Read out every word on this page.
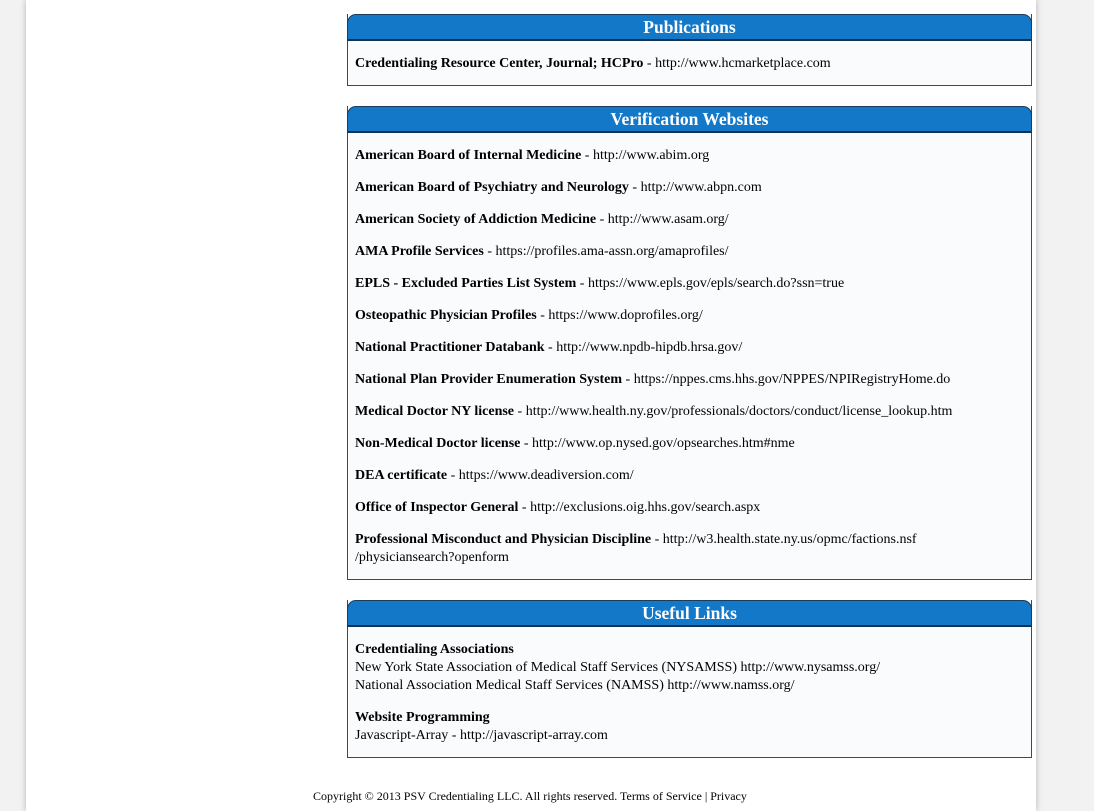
Publications
Credentialing Resource Center, Journal; HCPro - http://www.hcmarketplace.com
Verification Websites
American Board of Internal Medicine - http://www.abim.org
American Board of Psychiatry and Neurology - http://www.abpn.com
American Society of Addiction Medicine - http://www.asam.org/
AMA Profile Services - https://profiles.ama-assn.org/amaprofiles/
EPLS - Excluded Parties List System - https://www.epls.gov/epls/search.do?ssn=true
Osteopathic Physician Profiles - https://www.doprofiles.org/
National Practitioner Databank - http://www.npdb-hipdb.hrsa.gov/
National Plan Provider Enumeration System - https://nppes.cms.hhs.gov/NPPES/NPIRegistryHome.do
Medical Doctor NY license - http://www.health.ny.gov/professionals/doctors/conduct/license_lookup.htm
Non-Medical Doctor license - http://www.op.nysed.gov/opsearches.htm#nme
DEA certificate - https://www.deadiversion.com/
Office of Inspector General - http://exclusions.oig.hhs.gov/search.aspx
Professional Misconduct and Physician Discipline - http://w3.health.state.ny.us/opmc/factions.nsf
/physiciansearch?openform
Useful Links
Credentialing Associations
New York State Association of Medical Staff Services (NYSAMSS) http://www.nysamss.org/
National Association Medical Staff Services (NAMSS) http://www.namss.org/
Website Programming
Javascript-Array - http://javascript-array.com
Copyright © 2013 PSV Credentialing LLC. All rights reserved. Terms of Service | Privacy
